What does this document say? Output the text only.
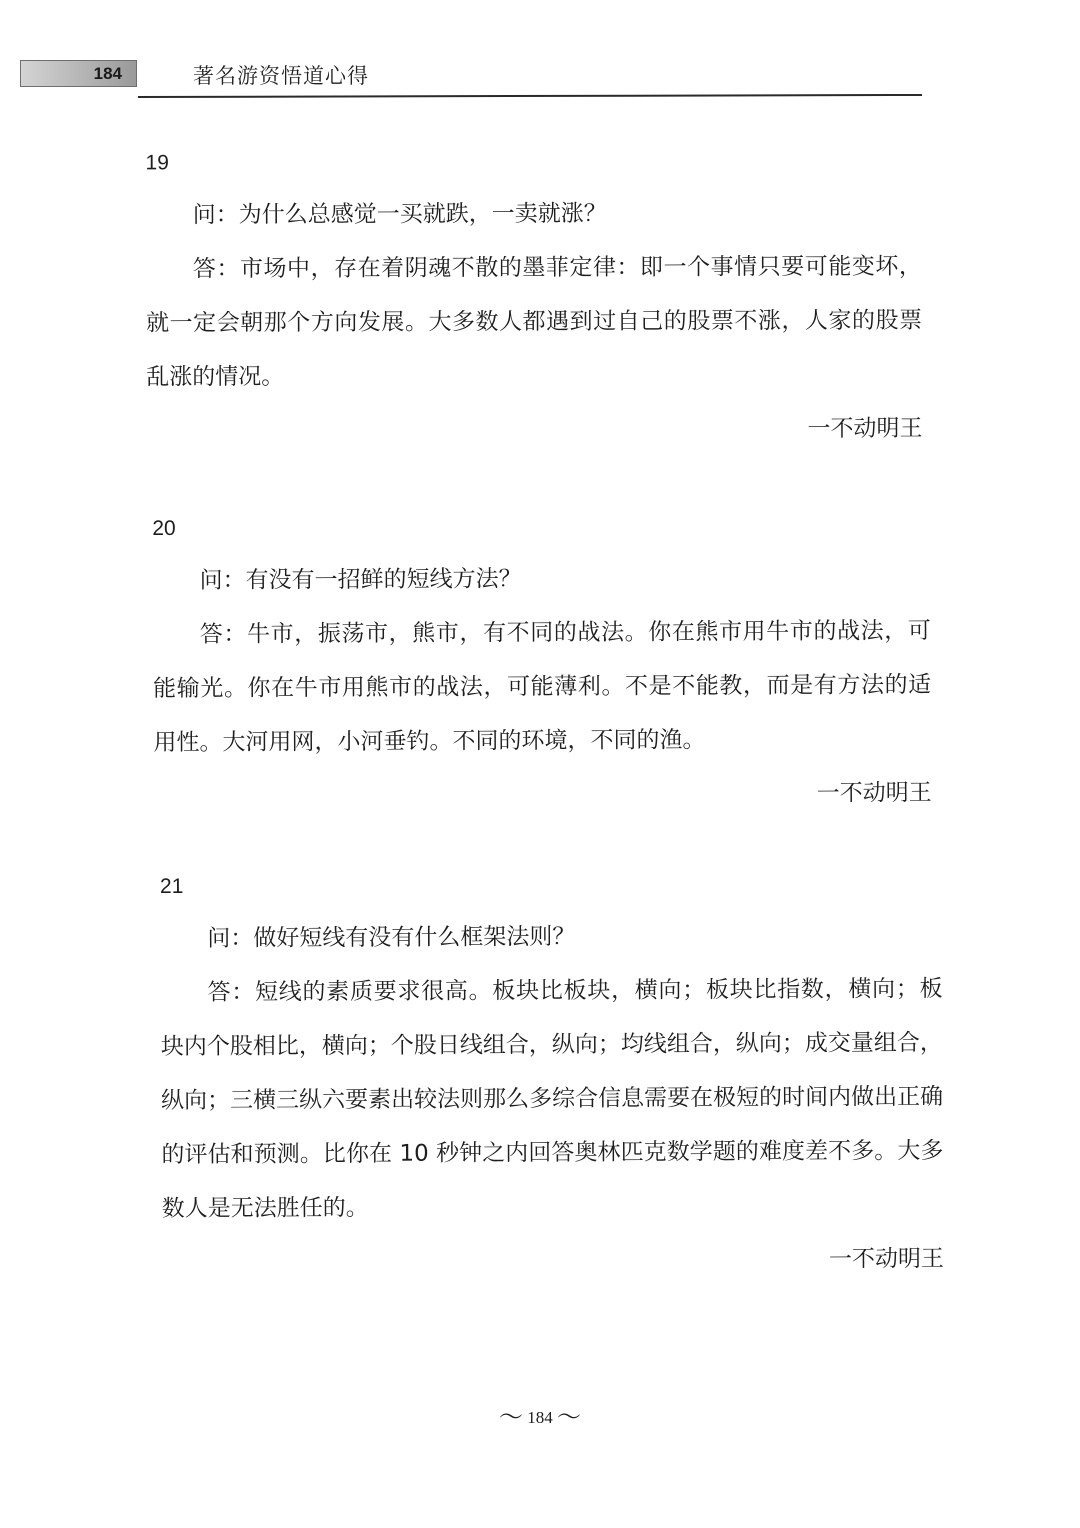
184	著名游资悟道心得
19

问：为什么总感觉一买就跌，一卖就涨？

答：市场中，存在着阴魂不散的墨菲定律：即一个事情只要可能变坏，就一定会朝那个方向发展。大多数人都遇到过自己的股票不涨，人家的股票乱涨的情况。

一不动明王

20

问：有没有一招鲜的短线方法？

答：牛市，振荡市，熊市，有不同的战法。你在熊市用牛市的战法，可能输光。你在牛市用熊市的战法，可能薄利。不是不能教，而是有方法的适用性。大河用网，小河垂钓。不同的环境，不同的渔。

一不动明王

21

问：做好短线有没有什么框架法则？

答：短线的素质要求很高。板块比板块，横向；板块比指数，横向；板块内个股相比，横向；个股日线组合，纵向；均线组合，纵向；成交量组合，纵向；三横三纵六要素出较法则那么多综合信息需要在极短的时间内做出正确的评估和预测。比你在 10 秒钟之内回答奥林匹克数学题的难度差不多。大多数人是无法胜任的。

一不动明王

～ 184 ～
